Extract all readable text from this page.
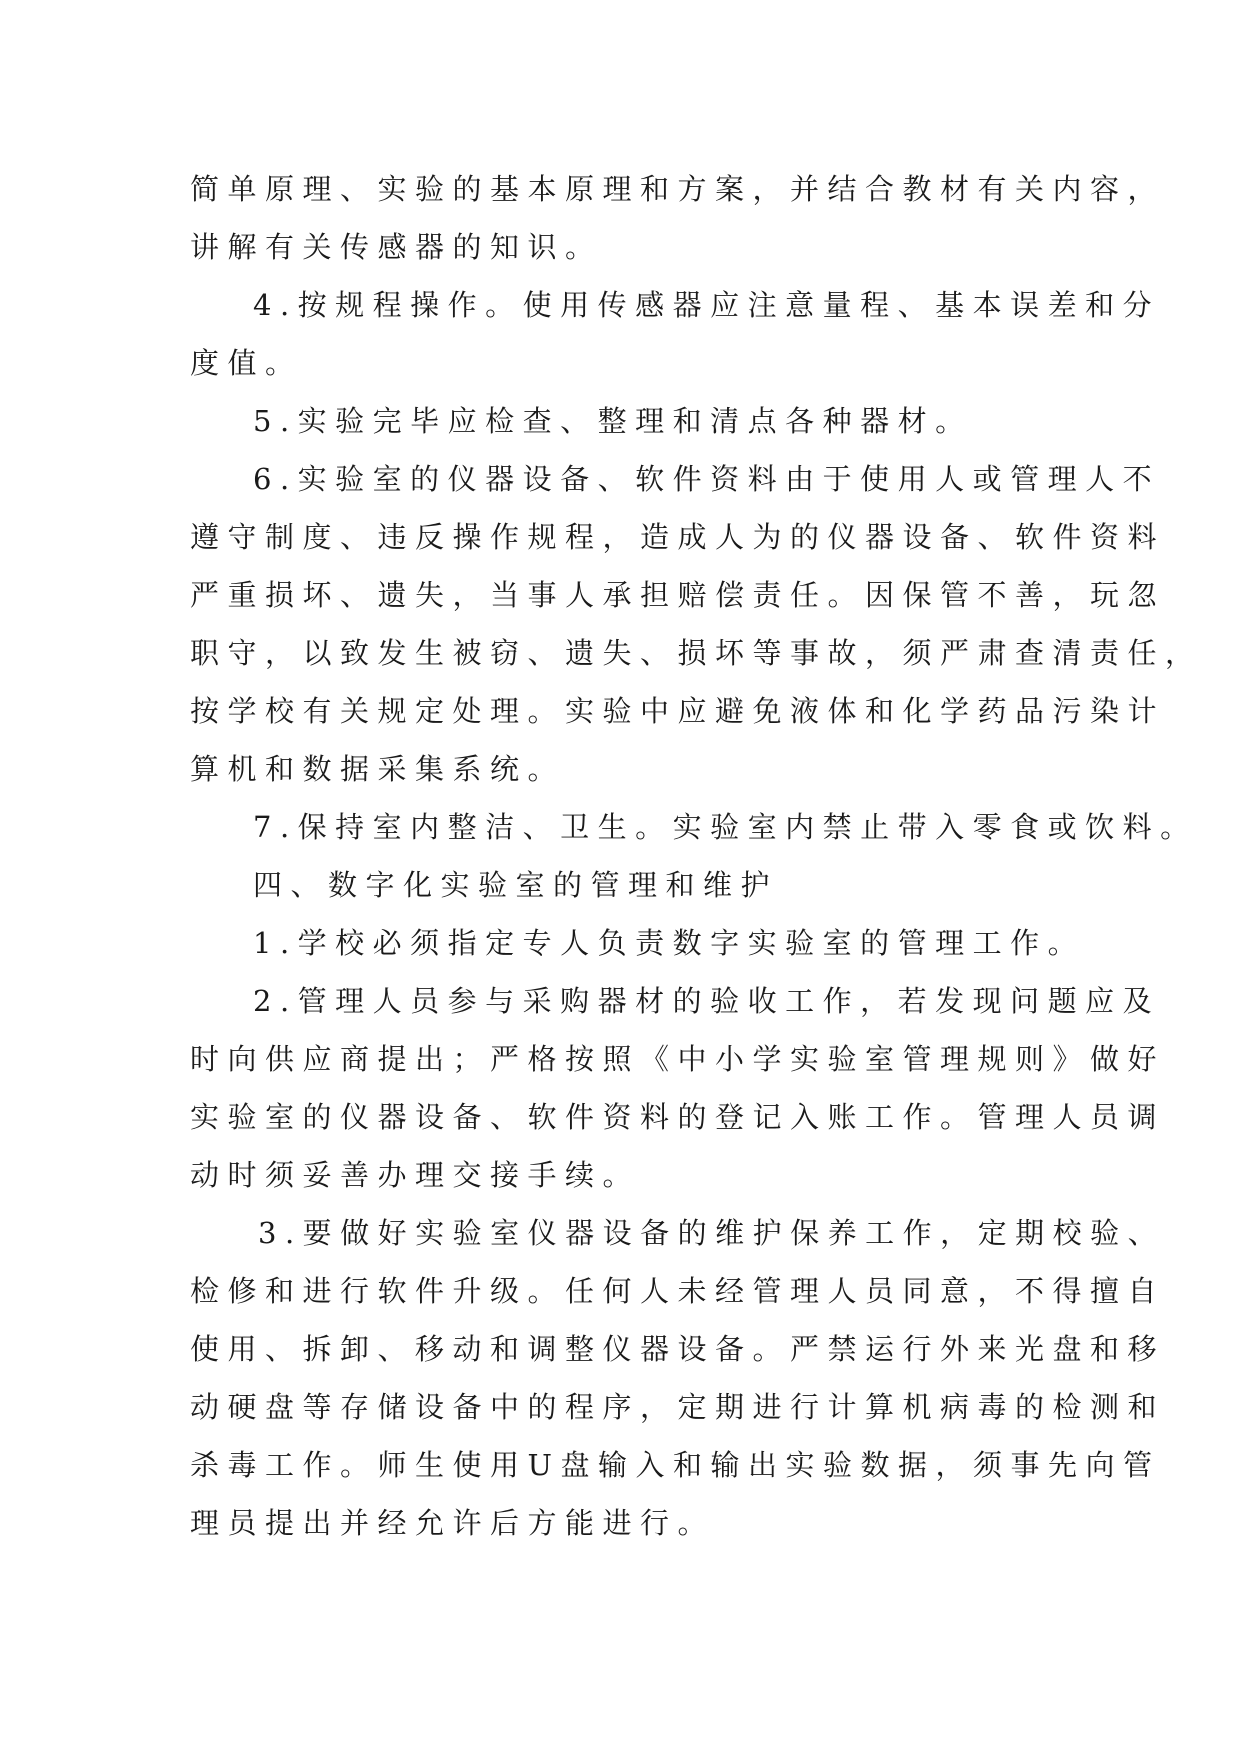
简单原理、实验的基本原理和方案，并结合教材有关内容，
讲解有关传感器的知识。
4.按规程操作。使用传感器应注意量程、基本误差和分
度值。
5.实验完毕应检查、整理和清点各种器材。
6.实验室的仪器设备、软件资料由于使用人或管理人不
遵守制度、违反操作规程，造成人为的仪器设备、软件资料
严重损坏、遗失，当事人承担赔偿责任。因保管不善，玩忽
职守，以致发生被窃、遗失、损坏等事故，须严肃查清责任，
按学校有关规定处理。实验中应避免液体和化学药品污染计
算机和数据采集系统。
7.保持室内整洁、卫生。实验室内禁止带入零食或饮料。
四、数字化实验室的管理和维护
1.学校必须指定专人负责数字实验室的管理工作。
2.管理人员参与采购器材的验收工作，若发现问题应及
时向供应商提出；严格按照《中小学实验室管理规则》做好
实验室的仪器设备、软件资料的登记入账工作。管理人员调
动时须妥善办理交接手续。
3.要做好实验室仪器设备的维护保养工作，定期校验、
检修和进行软件升级。任何人未经管理人员同意，不得擅自
使用、拆卸、移动和调整仪器设备。严禁运行外来光盘和移
动硬盘等存储设备中的程序，定期进行计算机病毒的检测和
杀毒工作。师生使用U盘输入和输出实验数据，须事先向管
理员提出并经允许后方能进行。
